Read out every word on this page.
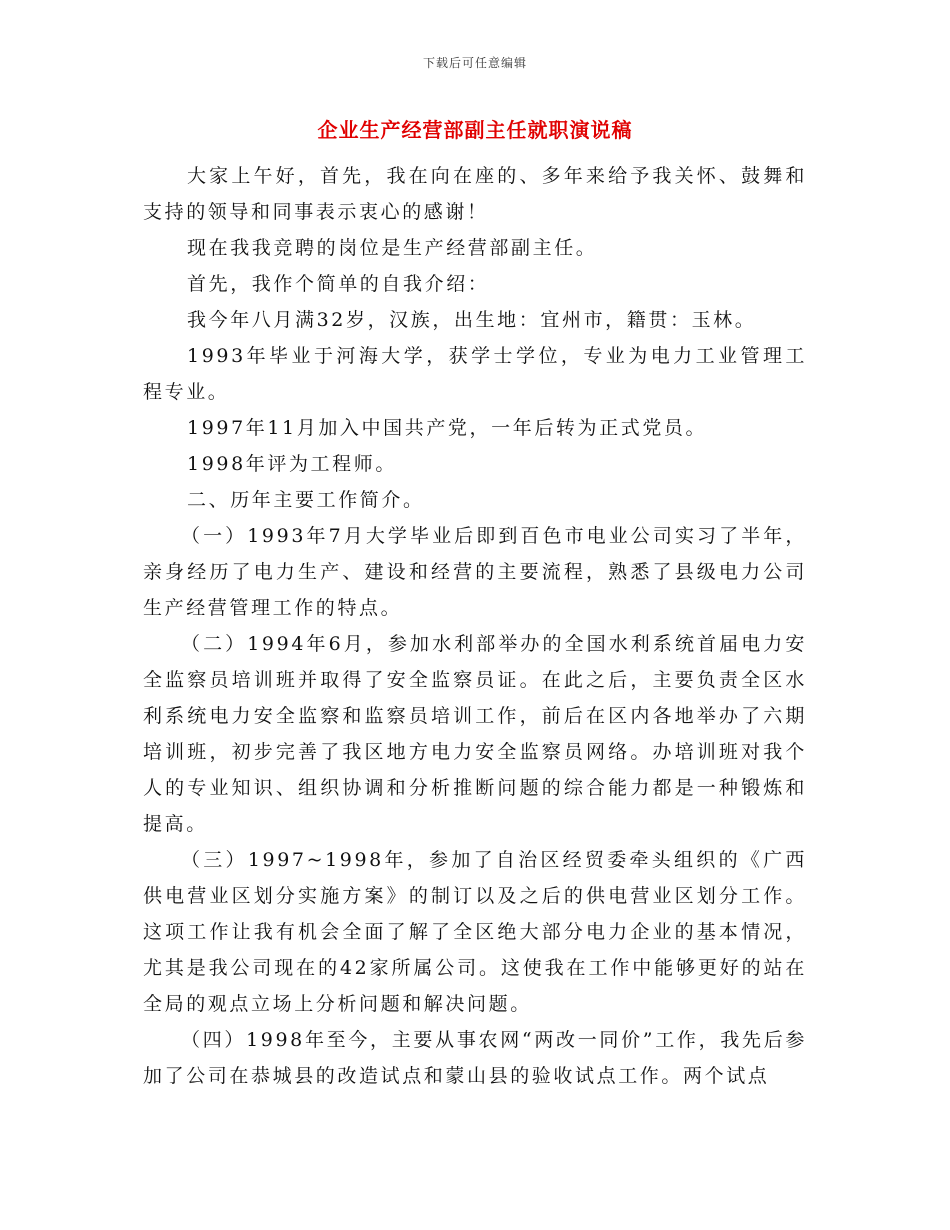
下载后可任意编辑
企业生产经营部副主任就职演说稿

大家上午好，首先，我在向在座的、多年来给予我关怀、鼓舞和支持的领导和同事表示衷心的感谢！

现在我我竞聘的岗位是生产经营部副主任。

首先，我作个简单的自我介绍：

我今年八月满32岁，汉族，出生地：宜州市，籍贯：玉林。

1993年毕业于河海大学，获学士学位，专业为电力工业管理工程专业。

1997年11月加入中国共产党，一年后转为正式党员。

1998年评为工程师。

二、历年主要工作简介。

（一）1993年7月大学毕业后即到百色市电业公司实习了半年，亲身经历了电力生产、建设和经营的主要流程，熟悉了县级电力公司生产经营管理工作的特点。

（二）1994年6月，参加水利部举办的全国水利系统首届电力安全监察员培训班并取得了安全监察员证。在此之后，主要负责全区水利系统电力安全监察和监察员培训工作，前后在区内各地举办了六期培训班，初步完善了我区地方电力安全监察员网络。办培训班对我个人的专业知识、组织协调和分析推断问题的综合能力都是一种锻炼和提高。

（三）1997~1998年，参加了自治区经贸委牵头组织的《广西供电营业区划分实施方案》的制订以及之后的供电营业区划分工作。这项工作让我有机会全面了解了全区绝大部分电力企业的基本情况，尤其是我公司现在的42家所属公司。这使我在工作中能够更好的站在全局的观点立场上分析问题和解决问题。

（四）1998年至今，主要从事农网“两改一同价”工作，我先后参加了公司在恭城县的改造试点和蒙山县的验收试点工作。两个试点
